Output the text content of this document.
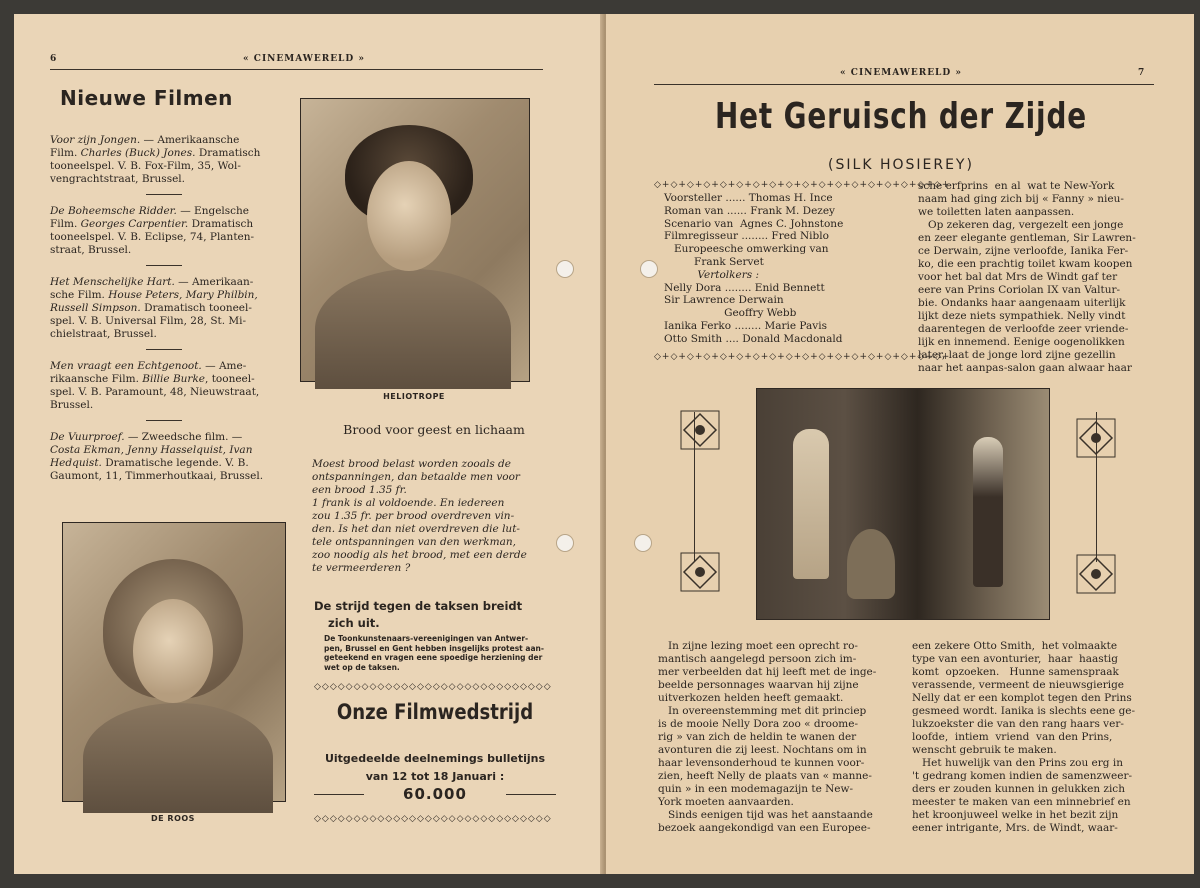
6	« CINEMAWERELD »
Nieuwe Filmen
Voor zijn Jongen. — Amerikaansche
Film. Charles (Buck) Jones. Dramatisch
tooneelspel. V. B. Fox-Film, 35, Wol-
vengrachtstraat, Brussel.
De Boheemsche Ridder. — Engelsche
Film. Georges Carpentier. Dramatisch
tooneelspel. V. B. Eclipse, 74, Planten-
straat, Brussel.
Het Menschelijke Hart. — Amerikaan-
sche Film. House Peters, Mary Philbin,
Russell Simpson. Dramatisch tooneel-
spel. V. B. Universal Film, 28, St. Mi-
chielstraat, Brussel.
Men vraagt een Echtgenoot. — Ame-
rikaansche Film. Billie Burke, tooneel-
spel. V. B. Paramount, 48, Nieuwstraat,
Brussel.
De Vuurproef. — Zweedsche film. —
Costa Ekman, Jenny Hasselquist, Ivan
Hedquist. Dramatische legende. V. B.
Gaumont, 11, Timmerhoutkaai, Brussel.
HELIOTROPE
DE ROOS
Brood voor geest en lichaam
Moest brood belast worden zooals de
ontspanningen, dan betaalde men voor
een brood 1.35 fr.
1 frank is al voldoende. En iedereen
zou 1.35 fr. per brood overdreven vin-
den. Is het dan niet overdreven die lut-
tele ontspanningen van den werkman,
zoo noodig als het brood, met een derde
te vermeerderen ?
De strijd tegen de taksen breidt
zich uit.
De Toonkunstenaars-vereenigingen van Antwer-
pen, Brussel en Gent hebben insgelijks protest aan-
geteekend en vragen eene spoedige herziening der
wet op de taksen.
◇◇◇◇◇◇◇◇◇◇◇◇◇◇◇◇◇◇◇◇◇◇◇◇◇◇◇◇◇◇
Onze Filmwedstrijd
Uitgedeelde deelnemings bulletijns
van 12 tot 18 Januari :
60.000
◇◇◇◇◇◇◇◇◇◇◇◇◇◇◇◇◇◇◇◇◇◇◇◇◇◇◇◇◇◇
« CINEMAWERELD »	7
Het Geruisch der Zijde
(SILK HOSIEREY)
◇+◇+◇+◇+◇+◇+◇+◇+◇+◇+◇+◇+◇+◇+◇+◇+◇+◇+
Voorsteller ...... Thomas H. Ince
Roman van ...... Frank M. Dezey
Scenario van  Agnes C. Johnstone
Filmregisseur ........ Fred Niblo
Europeesche omwerking van
Frank Servet
Vertolkers :
Nelly Dora ........ Enid Bennett
Sir Lawrence Derwain
Geoffry Webb
Ianika Ferko ........ Marie Pavis
Otto Smith .... Donald Macdonald
◇+◇+◇+◇+◇+◇+◇+◇+◇+◇+◇+◇+◇+◇+◇+◇+◇+◇+
sche erfprins  en al  wat te New-York
naam had ging zich bij « Fanny » nieu-
we toiletten laten aanpassen.
Op zekeren dag, vergezelt een jonge
en zeer elegante gentleman, Sir Lawren-
ce Derwain, zijne verloofde, Ianika Fer-
ko, die een prachtig toilet kwam koopen
voor het bal dat Mrs de Windt gaf ter
eere van Prins Coriolan IX van Valtur-
bie. Ondanks haar aangenaam uiterlijk
lijkt deze niets sympathiek. Nelly vindt
daarentegen de verloofde zeer vriende-
lijk en innemend. Eenige oogenolikken
later, laat de jonge lord zijne gezellin
naar het aanpas-salon gaan alwaar haar
In zijne lezing moet een oprecht ro-
mantisch aangelegd persoon zich im-
mer verbeelden dat hij leeft met de inge-
beelde personnages waarvan hij zijne
uitverkozen helden heeft gemaakt.
In overeenstemming met dit princiep
is de mooie Nelly Dora zoo « droome-
rig » van zich de heldin te wanen der
avonturen die zij leest. Nochtans om in
haar levensonderhoud te kunnen voor-
zien, heeft Nelly de plaats van « manne-
quin » in een modemagazijn te New-
York moeten aanvaarden.
Sinds eenigen tijd was het aanstaande
bezoek aangekondigd van een Europee-
een zekere Otto Smith,  het volmaakte
type van een avonturier,  haar  haastig
komt  opzoeken.   Hunne samenspraak
verassende, vermeent de nieuwsgierige
Nelly dat er een komplot tegen den Prins
gesmeed wordt. Ianika is slechts eene ge-
lukzoekster die van den rang haars ver-
loofde,  intiem  vriend  van den Prins,
wenscht gebruik te maken.
Het huwelijk van den Prins zou erg in
't gedrang komen indien de samenzweer-
ders er zouden kunnen in gelukken zich
meester te maken van een minnebrief en
het kroonjuweel welke in het bezit zijn
eener intrigante, Mrs. de Windt, waar-
